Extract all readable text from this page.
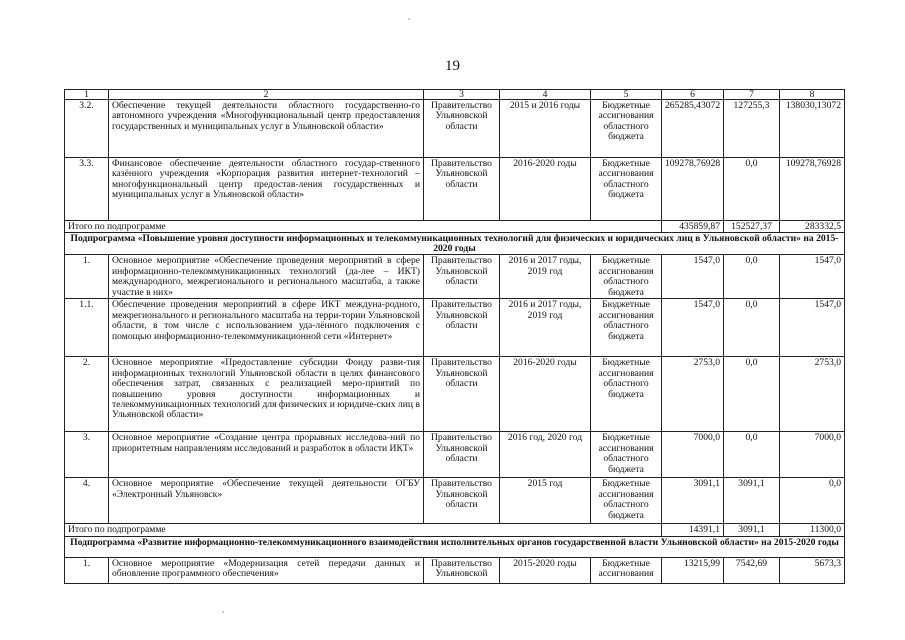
19
1	2	3	4	5	6	7	8
3.2.	Обеспечение текущей деятельности областного государственно-го автономного учреждения «Многофункциональный центр предоставления государственных и муниципальных услуг в Ульяновской области»	Правительство Ульяновской области	2015 и 2016 годы	Бюджетные ассигнования областного бюджета	265285,43072	127255,3	138030,13072
3.3.	Финансовое обеспечение деятельности областного государ-ственного казённого учреждения «Корпорация развития интернет-технологий – многофункциональный центр предостав-ления государственных и муниципальных услуг в Ульяновской области»	Правительство Ульяновской области	2016-2020 годы	Бюджетные ассигнования областного бюджета	109278,76928	0,0	109278,76928
Итого по подпрограмме					435859,87	152527,37	283332,5
Подпрограмма «Повышение уровня доступности информационных и телекоммуникационных технологий для физических и юридических лиц в Ульяновской области» на 2015-2020 годы							
1.	Основное мероприятие «Обеспечение проведения мероприятий в сфере информационно-телекоммуникационных технологий (да-лее – ИКТ) международного, межрегионального и регионального масштаба, а также участие в них»	Правительство Ульяновской области	2016 и 2017 годы, 2019 год	Бюджетные ассигнования областного бюджета	1547,0	0,0	1547,0
1.1.	Обеспечение проведения мероприятий в сфере ИКТ междуна-родного, межрегионального и регионального масштаба на терри-тории Ульяновской области, в том числе с использованием уда-лённого подключения с помощью информационно-телекоммуникационной сети «Интернет»	Правительство Ульяновской области	2016 и 2017 годы, 2019 год	Бюджетные ассигнования областного бюджета	1547,0	0,0	1547,0
2.	Основное мероприятие «Предоставление субсидии Фонду разви-тия информационных технологий Ульяновской области в целях финансового обеспечения затрат, связанных с реализацией меро-приятий по повышению уровня доступности информационных и телекоммуникационных технологий для физических и юридиче-ских лиц в Ульяновской области»	Правительство Ульяновской области	2016-2020 годы	Бюджетные ассигнования областного бюджета	2753,0	0,0	2753,0
3.	Основное мероприятие «Создание центра прорывных исследова-ний по приоритетным направлениям исследований и разработок в области ИКТ»	Правительство Ульяновской области	2016 год, 2020 год	Бюджетные ассигнования областного бюджета	7000,0	0,0	7000,0
4.	Основное мероприятие «Обеспечение текущей деятельности ОГБУ «Электронный Ульяновск»	Правительство Ульяновской области	2015 год	Бюджетные ассигнования областного бюджета	3091,1	3091,1	0,0
Итого по подпрограмме					14391,1	3091,1	11300,0
Подпрограмма «Развитие информационно-телекоммуникационного взаимодействия исполнительных органов государственной власти Ульяновской области» на 2015-2020 годы							
1.	Основное мероприятие «Модернизация сетей передачи данных и обновление программного обеспечения»	Правительство Ульяновской	2015-2020 годы	Бюджетные ассигнования	13215,99	7542,69	5673,3
